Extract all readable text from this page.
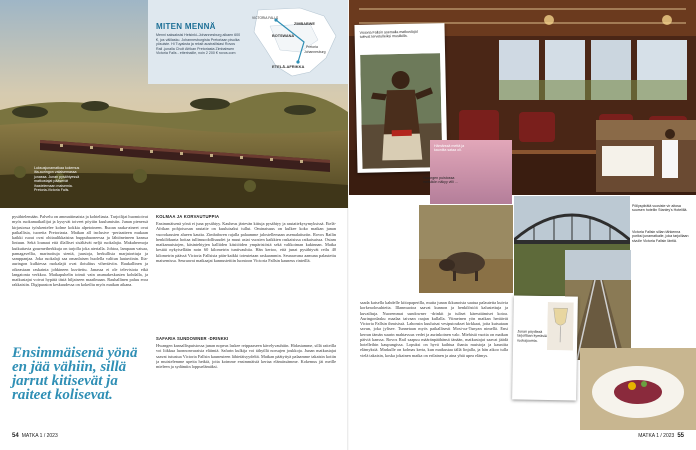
Luksusjunamatkaa kokemus ilta-auringon valaisemassa junassa. Junan pysähtyessä matkustajat pääsevät ihastelemaan maisemia. Pretoria-Victoria Falls.
VICTORIA FALLS
ZIMBABWE
BOTSWANA
Pretoria
Johannesburg
ETELÄ-AFRIKKA
MITEN MENNÄ
Menni saksaksisi Helsinki–Johannesburg alkaen 600 €, jos välilasku. Johannesburgista Pretoriaan pisulka yösuiste. Hi Tuyaksta ja reksit austraillsiasi Rovos Rail -junalla Cholt Afrikan Pretoriasta Zimbabwen Victoria Falls - etterinaille, noin 2 200 € rovos.com
pysähtelemään. Palvelu on ammattimaista ja kohteliasta. Tarjoilijat huomioivat myös ruokamatkailijat ja kysyvät toiveet pöytiin kuulumisiin. Junan pienessä kirjastossa työskentelee kolme kokkia alpetoineen. Ruoan raaka-aineet ovat paikallisia, tuoreita Pretoriasta. Matkan all inclusive -periaatteen mukaan kaikki ruoat ovat ohitaulikkaisina buppuhuoneessa ja lähtöneineen kanssa lintuun. Sekä lounaat että illalliset sisältävät neljä ruokalajia. Makuhermoja kutkuttavia gourmetherkkuja on tarjolla joka aterialla. Johtoa, lampaan vatsaa, pamagavellia, marinoituja sieniä, juustoja, herkullisia marjatorttuja ja samppanjaa. Joka ruokalaji saa omanlaisen huolella valitun laatuviinin. Ilta-auringon kulkiessa ruokalajit ovat ilotulitus vihertäviin. Raukallinen ja oikeastaan raskainta johkineen kuvitettu. Janassa ei ole televisiota eikä langatonta verkkoa. Matkapuhelin toimii vain asumakeskusten kohdalla, ja matkustajat voivat hypätä tästä hiljaiseen maailmaan. Rauhallinen paluu eroa rakkaisiin. Digipaaston keskuudessa on kokeiltu myös matkan aikana.
Ensimmäisenä yönä en jää vähiin, sillä jarrut kitisevät ja raiteet kolisevat.
KOLMAA JA KORVAUTUPPIA
Ensimmäisenä yönä ei juna pysähtyy. Kauheus järtevän kittuja pysähtyy ja rautatiekysymyksissä. Etelä-Afrikan pohjoisosan rautatie on kuuluisaksi tullut. Ominaisuus on kulkee koko matkan junan vuorokausien alueen kautta. Zimbabwen rajalla palaamme jalostellemaan asemalaituriin. Rovos Railin henkilökunta hoitaa tullimuodollisuudet ja muut asiat vuosien kaikkien raskaisissa ratkaisuissa. Ostam matkamuistojen, käsintehtyjen kalliiden käsitöiden ympäristöstä sekä valikoiman kukinnan. Matka kestää nykyisellään noin 60 kilometrin tuntivauhtia. Hän kertoo, että junat pysähtyvät reilu 40 kilometrin päässä Victoria Fallsista päin-kaikki toteutetaan raskaammin. Seuraavana aamuna palautettu maisemissa. Seuraavat matkaajat kannustettiin luontoon Victoria Fallsin kauneus rinteillä.
SAFARIA SUNDOWNER -DRINKKI
Hwangen kansallispuistossa junan nopeus laskee reippaaseen kävelyvauhtiin. Hidastamme, sillä raiteilla voi liikkua luonnonvaraisia eläimiä. Safarin kulkija voi tähyillä norsujen joukkoja. Junan matkustajat saavat tutustua Victoria Fallsin kauneuteen lähietäisyydeltä. Matkan päätyttyä palaamme takaisin kotiin ja muistelemme upeita hetkiä, joita koimme ensimmäistä kertaa elämässämme. Kokemus jäi meille mieleen ja sydämiin loppuelämäksi.
54 MATKA 1 / 2023
Victoria Fallsin asemalla matkustajat tulevat tervetulleiksi musiikilla.
Hämärssä mettä ja kauniita sataa oli.
Hwangen puistossa metsikön näkyy villi ...
Pöllyspiirätä vuosiste vir aitosa suursen hotellin Stanley's Hotelillä.
Victoria Fallsin sillan tähkenna poriksi junamatkalle, joka tarjoillaan sivulle Victoria Fallsin läntiä.
Junan pöydissä tarjoillaan kymäsiä ruokajuomia.
saada katsella kahdelle kiitopaperilla, mutta junan ikkunoista saatua palautetta kuivia korkeaolosuhteita. Illanmuotoa saavat kunnon ja henkilöstöä kalustettuja ja kuvailtuja. Nuoremmat sundowner -drinkit ja tuliset käreuttämiset kotoa. Auringonlasku maalaa taivaan raajan kullalla. Viimeinen yön matkan heräävät Victoria Fallsin ihmisissä. Lahonsin kuuluisat vesiputoukset kirkkaat, joita kutsutaan savun, joka jylisee. Tunnetaan myös paikallisesti Mosi-oa-Tunyan nimellä. Ensi kerran tämän suurin mahtavuus vedet ja aurinkoinen valo. Miehistä vuotta on matkan päiviä kanssa. Rovos Rail saapuu määränpäähänsä tänään, matkustajat saavat jäädä hotelleihin kaupungissa. Lopuksi on hyvä kaihtua ihania muistoja ja kauniita elämyksiä. Markulle on kolmas kerta, kun matkustaa tällä linjalla, ja hän aikoo tulla vielä takaisin, koska jokainen matka on erilainen ja aina yhtä upea elämys.
MATKA 1 / 2023 55
